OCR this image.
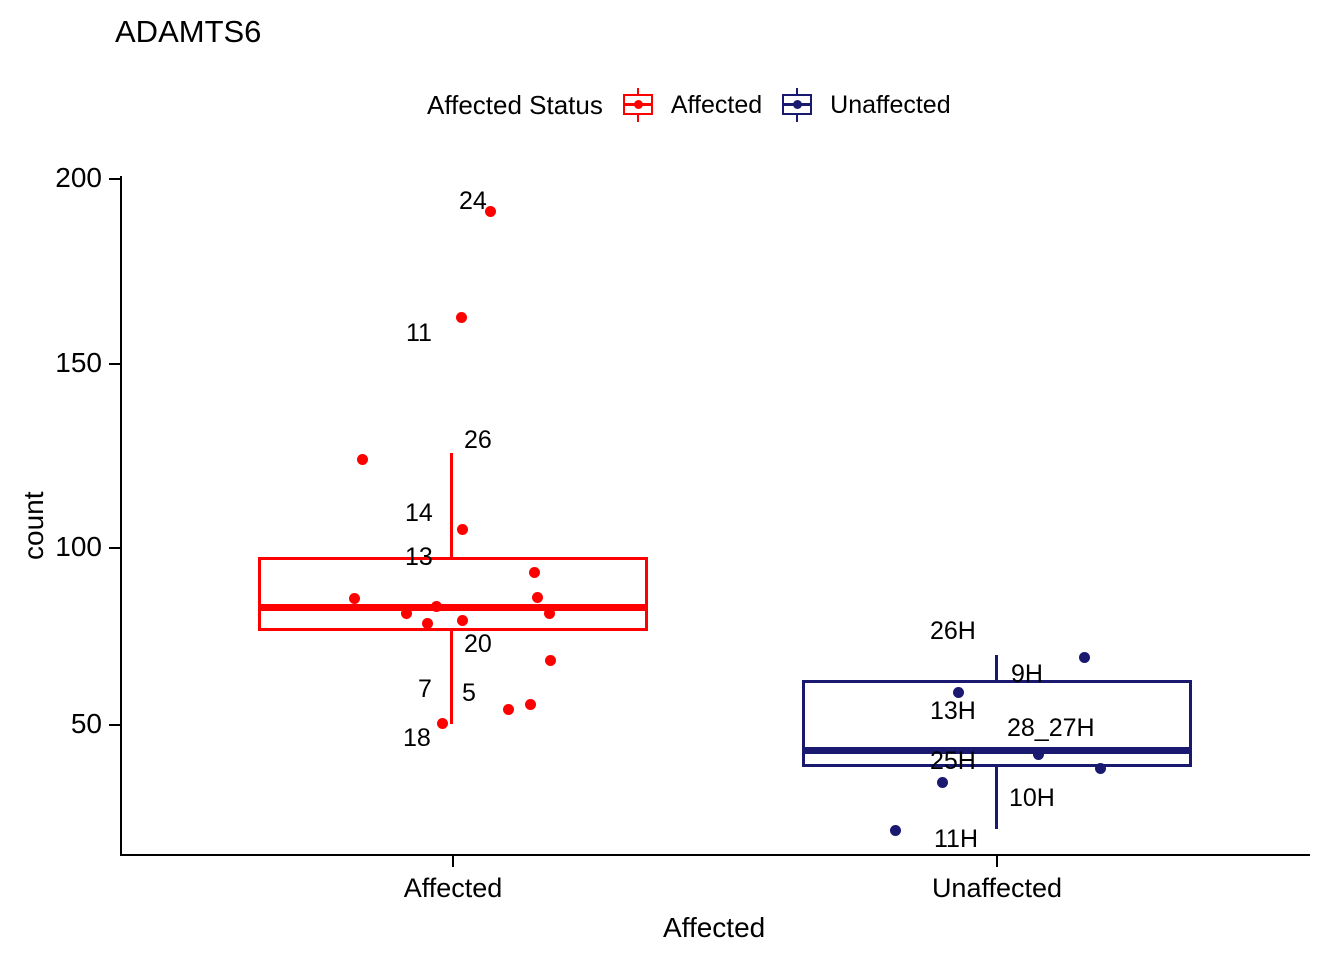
ADAMTS6
Affected Status	Affected	Unaffected
200
150
100
50
Affected	Unaffected
count
Affected
24
11
26
14
13
20
7 5
18
26H
9H
13H
28_27H
25H
10H
11H
